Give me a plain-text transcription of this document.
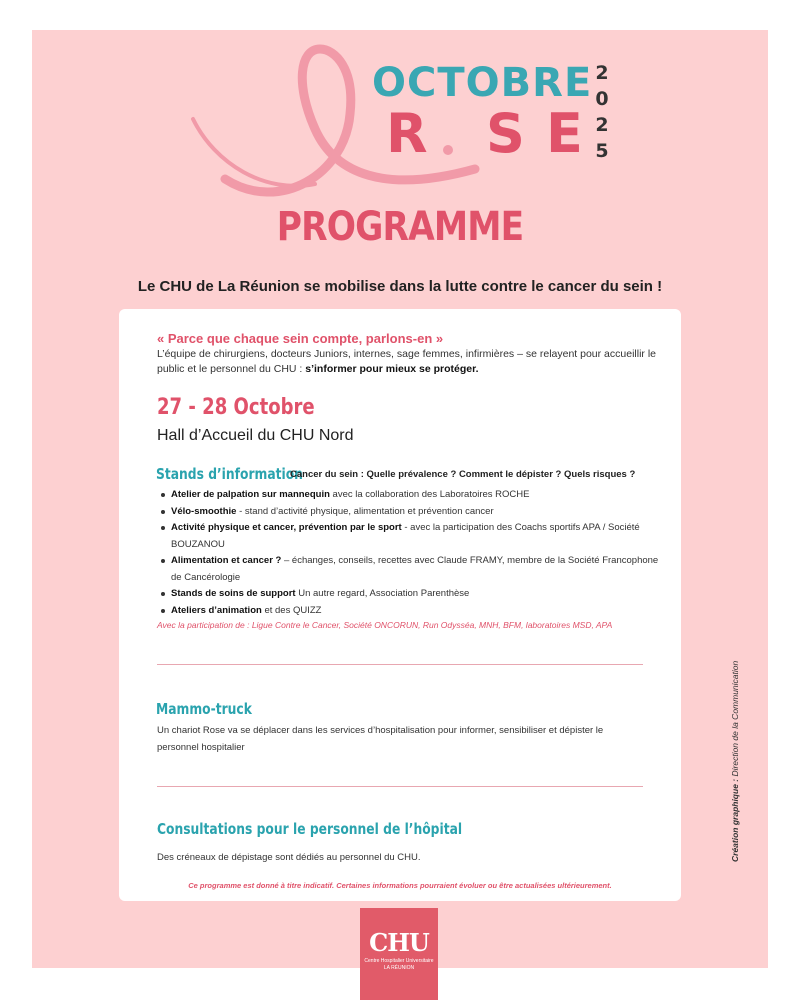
OCTOBRE
R S E
2
0
2
5
PROGRAMME
Le CHU de La Réunion se mobilise dans la lutte contre le cancer du sein !
« Parce que chaque sein compte, parlons-en »
L’équipe de chirurgiens, docteurs Juniors, internes, sage femmes, infirmières – se relayent pour accueillir le public et le personnel du CHU : s’informer pour mieux se protéger.
27 - 28 Octobre
Hall d’Accueil du CHU Nord
Stands d’information
Cancer du sein : Quelle prévalence ? Comment le dépister ? Quels risques ?
Atelier de palpation sur mannequin avec la collaboration des Laboratoires ROCHE
Vélo-smoothie - stand d’activité physique, alimentation et prévention cancer
Activité physique et cancer, prévention par le sport - avec la participation des Coachs sportifs APA / Société BOUZANOU
Alimentation et cancer ? – échanges, conseils, recettes avec Claude FRAMY, membre de la Société Francophone de Cancérologie
Stands de soins de support Un autre regard, Association Parenthèse
Ateliers d’animation et des QUIZZ
Avec la participation de : Ligue Contre le Cancer, Société ONCORUN, Run Odysséa, MNH, BFM, laboratoires MSD, APA
Mammo-truck
Un chariot Rose va se déplacer dans les services d’hospitalisation pour informer, sensibiliser et dépister le personnel hospitalier
Consultations pour le personnel de l’hôpital
Des créneaux de dépistage sont dédiés au personnel du CHU.
Ce programme est donné à titre indicatif. Certaines informations pourraient évoluer ou être actualisées ultérieurement.
CHU
Centre Hospitalier Universitaire
LA RÉUNION
Création graphique : Direction de la Communication
